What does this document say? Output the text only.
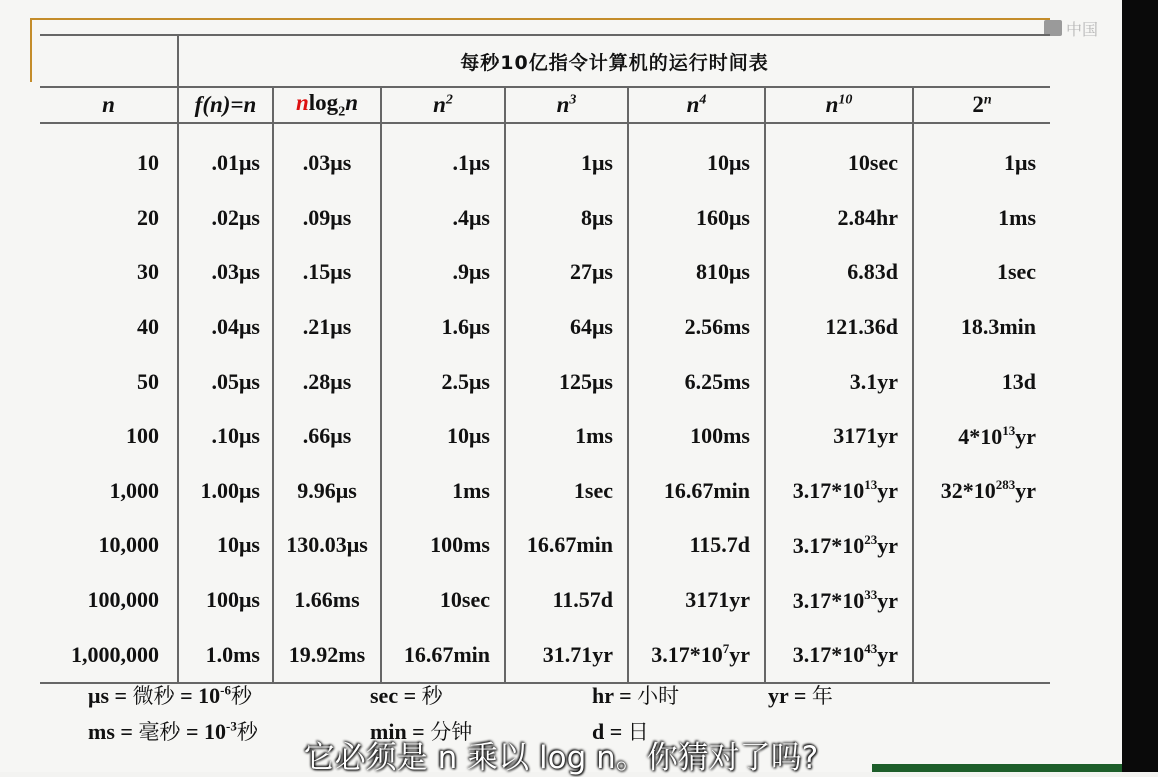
中国
	每秒10亿指令计算机的运行时间表						
n	f(n)=n	nlog$_2$n	$n^2$	$n^3$	$n^4$	$n^{10}$	2$^n$

10	.01μs	.03μs	.1μs	1μs	10μs	10sec	1μs
20	.02μs	.09μs	.4μs	8μs	160μs	2.84hr	1ms
30	.03μs	.15μs	.9μs	27μs	810μs	6.83d	1sec
40	.04μs	.21μs	1.6μs	64μs	2.56ms	121.36d	18.3min
50	.05μs	.28μs	2.5μs	125μs	6.25ms	3.1yr	13d
100	.10μs	.66μs	10μs	1ms	100ms	3171yr	$4*10^{13}yr$
1,000	1.00μs	9.96μs	1ms	1sec	16.67min	$3.17*10^{13}yr$	$32*10^{283}yr$
10,000	10μs	130.03μs	100ms	16.67min	115.7d	$3.17*10^{23}yr$	
100,000	100μs	1.66ms	10sec	11.57d	3171yr	$3.17*10^{33}yr$	
1,000,000	1.0ms	19.92ms	16.67min	31.71yr	$3.17*10^7yr$	$3.17*10^{43}yr$	
μs = 微秒 = $10^{-6}$秒	sec = 秒	hr = 小时	yr = 年
ms = 毫秒 = $10^{-3}$秒	min = 分钟	d = 日
它必须是 n 乘以 log n。你猜对了吗?
